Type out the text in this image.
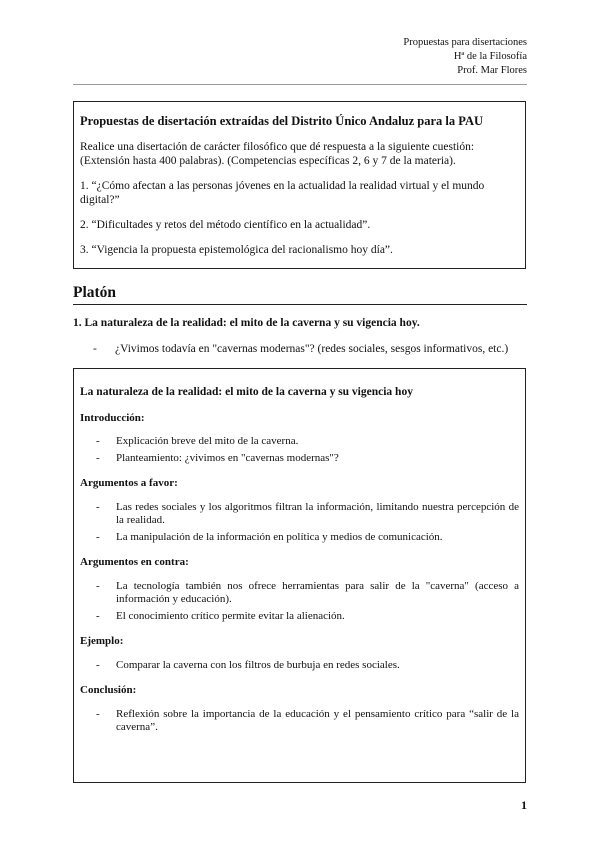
Propuestas para disertaciones
Hª de la Filosofía
Prof. Mar Flores
Propuestas de disertación extraídas del Distrito Único Andaluz para la PAU

Realice una disertación de carácter filosófico que dé respuesta a la siguiente cuestión: (Extensión hasta 400 palabras). (Competencias específicas 2, 6 y 7 de la materia).

1. “¿Cómo afectan a las personas jóvenes en la actualidad la realidad virtual y el mundo digital?”

2. “Dificultades y retos del método científico en la actualidad”.

3. “Vigencia la propuesta epistemológica del racionalismo hoy día”.

Platón
1. La naturaleza de la realidad: el mito de la caverna y su vigencia hoy.
- ¿Vivimos todavía en "cavernas modernas"? (redes sociales, sesgos informativos, etc.)
La naturaleza de la realidad: el mito de la caverna y su vigencia hoy
Introducción:
- Explicación breve del mito de la caverna.
- Planteamiento: ¿vivimos en "cavernas modernas"?
Argumentos a favor:
- Las redes sociales y los algoritmos filtran la información, limitando nuestra percepción de la realidad.
- La manipulación de la información en política y medios de comunicación.
Argumentos en contra:
- La tecnología también nos ofrece herramientas para salir de la "caverna" (acceso a información y educación).
- El conocimiento crítico permite evitar la alienación.
Ejemplo:
- Comparar la caverna con los filtros de burbuja en redes sociales.
Conclusión:
- Reflexión sobre la importancia de la educación y el pensamiento crítico para “salir de la caverna”.
1
